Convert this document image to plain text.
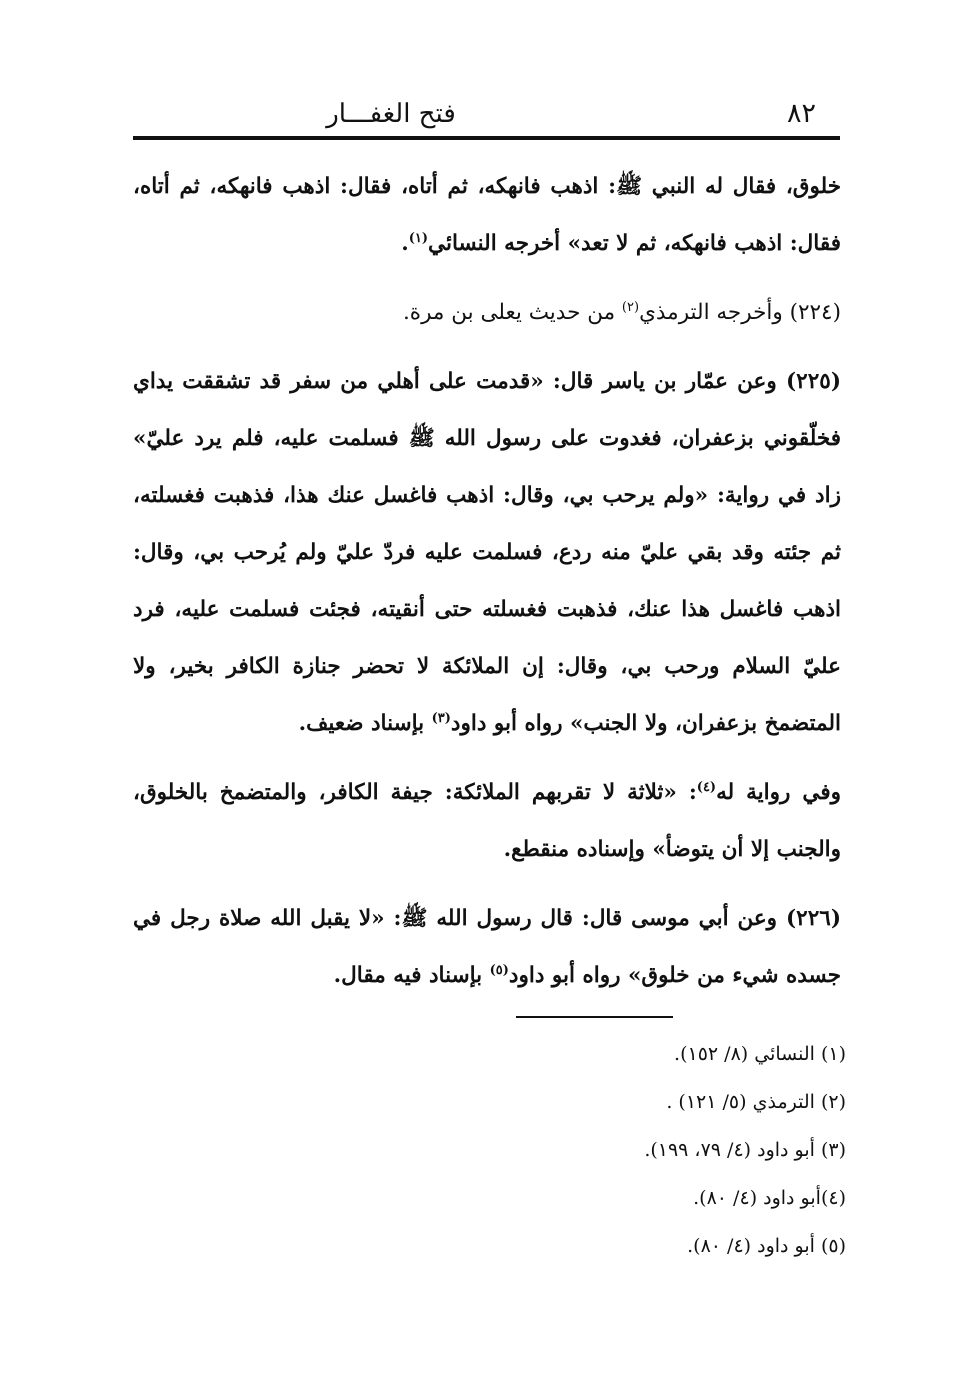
٨٢
فتح الغفـــار

خلوق، فقال له النبي ﷺ: اذهب فانهكه، ثم أتاه، فقال: اذهب فانهكه، ثم أتاه، فقال: اذهب فانهكه، ثم لا تعد» أخرجه النسائي$^{(١)}$.

(٢٢٤) وأخرجه الترمذي$^{(٢)}$ من حديث يعلى بن مرة.

(٢٢٥) وعن عمّار بن ياسر قال: «قدمت على أهلي من سفر قد تشققت يداي فخلّقوني بزعفران، فغدوت على رسول الله ﷺ فسلمت عليه، فلم يرد عليّ» زاد في رواية: «ولم يرحب بي، وقال: اذهب فاغسل عنك هذا، فذهبت فغسلته، ثم جئته وقد بقي عليّ منه ردع، فسلمت عليه فردّ عليّ ولم يُرحب بي، وقال: اذهب فاغسل هذا عنك، فذهبت فغسلته حتى أنقيته، فجئت فسلمت عليه، فرد عليّ السلام ورحب بي، وقال: إن الملائكة لا تحضر جنازة الكافر بخير، ولا المتضمخ بزعفران، ولا الجنب» رواه أبو داود$^{(٣)}$ بإسناد ضعيف.

وفي رواية له$^{(٤)}$: «ثلاثة لا تقربهم الملائكة: جيفة الكافر، والمتضمخ بالخلوق، والجنب إلا أن يتوضأ» وإسناده منقطع.

(٢٢٦) وعن أبي موسى قال: قال رسول الله ﷺ: «لا يقبل الله صلاة رجل في جسده شيء من خلوق» رواه أبو داود$^{(٥)}$ بإسناد فيه مقال.

(١) النسائي (٨/ ١٥٢).

(٢) الترمذي (٥/ ١٢١) .

(٣) أبو داود (٤/ ٧٩، ١٩٩).

(٤)أبو داود (٤/ ٨٠).

(٥) أبو داود (٤/ ٨٠).
